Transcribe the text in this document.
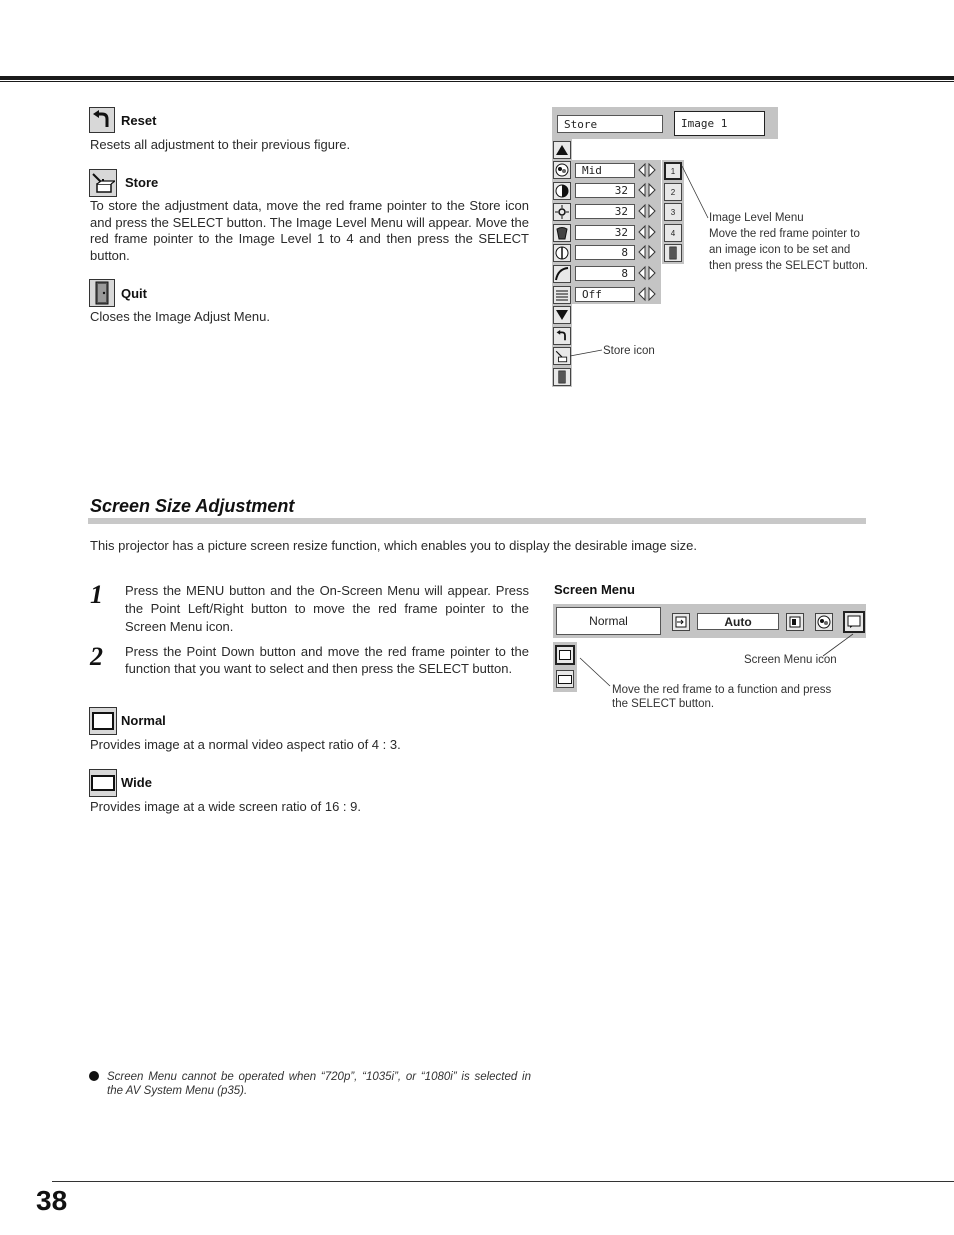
Reset
Resets all adjustment to their previous figure.
Store
To store the adjustment data, move the red frame pointer to the Store icon and press the SELECT button. The Image Level Menu will appear. Move the red frame pointer to the Image Level 1 to 4 and then press the SELECT button.
Quit
Closes the Image Adjust Menu.
Store	Image 1
Mid
32
32
32
8
8
Off
1
2
3
4
Image Level Menu
Move the red frame pointer to an image icon to be set and then press the SELECT button.
Store icon
Screen Size Adjustment
This projector has a picture screen resize function, which enables you to display the desirable image size.
1 Press the MENU button and the On-Screen Menu will appear. Press the Point Left/Right button to move the red frame pointer to the Screen Menu icon.
2 Press the Point Down button and move the red frame pointer to the function that you want to select and then press the SELECT button.
Normal
Provides image at a normal video aspect ratio of 4 : 3.
Wide
Provides image at a wide screen ratio of 16 : 9.
Screen Menu
Normal	Auto
Screen Menu icon
Move the red frame to a function and press the SELECT button.
Screen Menu cannot be operated when “720p”, “1035i”, or “1080i” is selected in the AV System Menu (p35).
38
